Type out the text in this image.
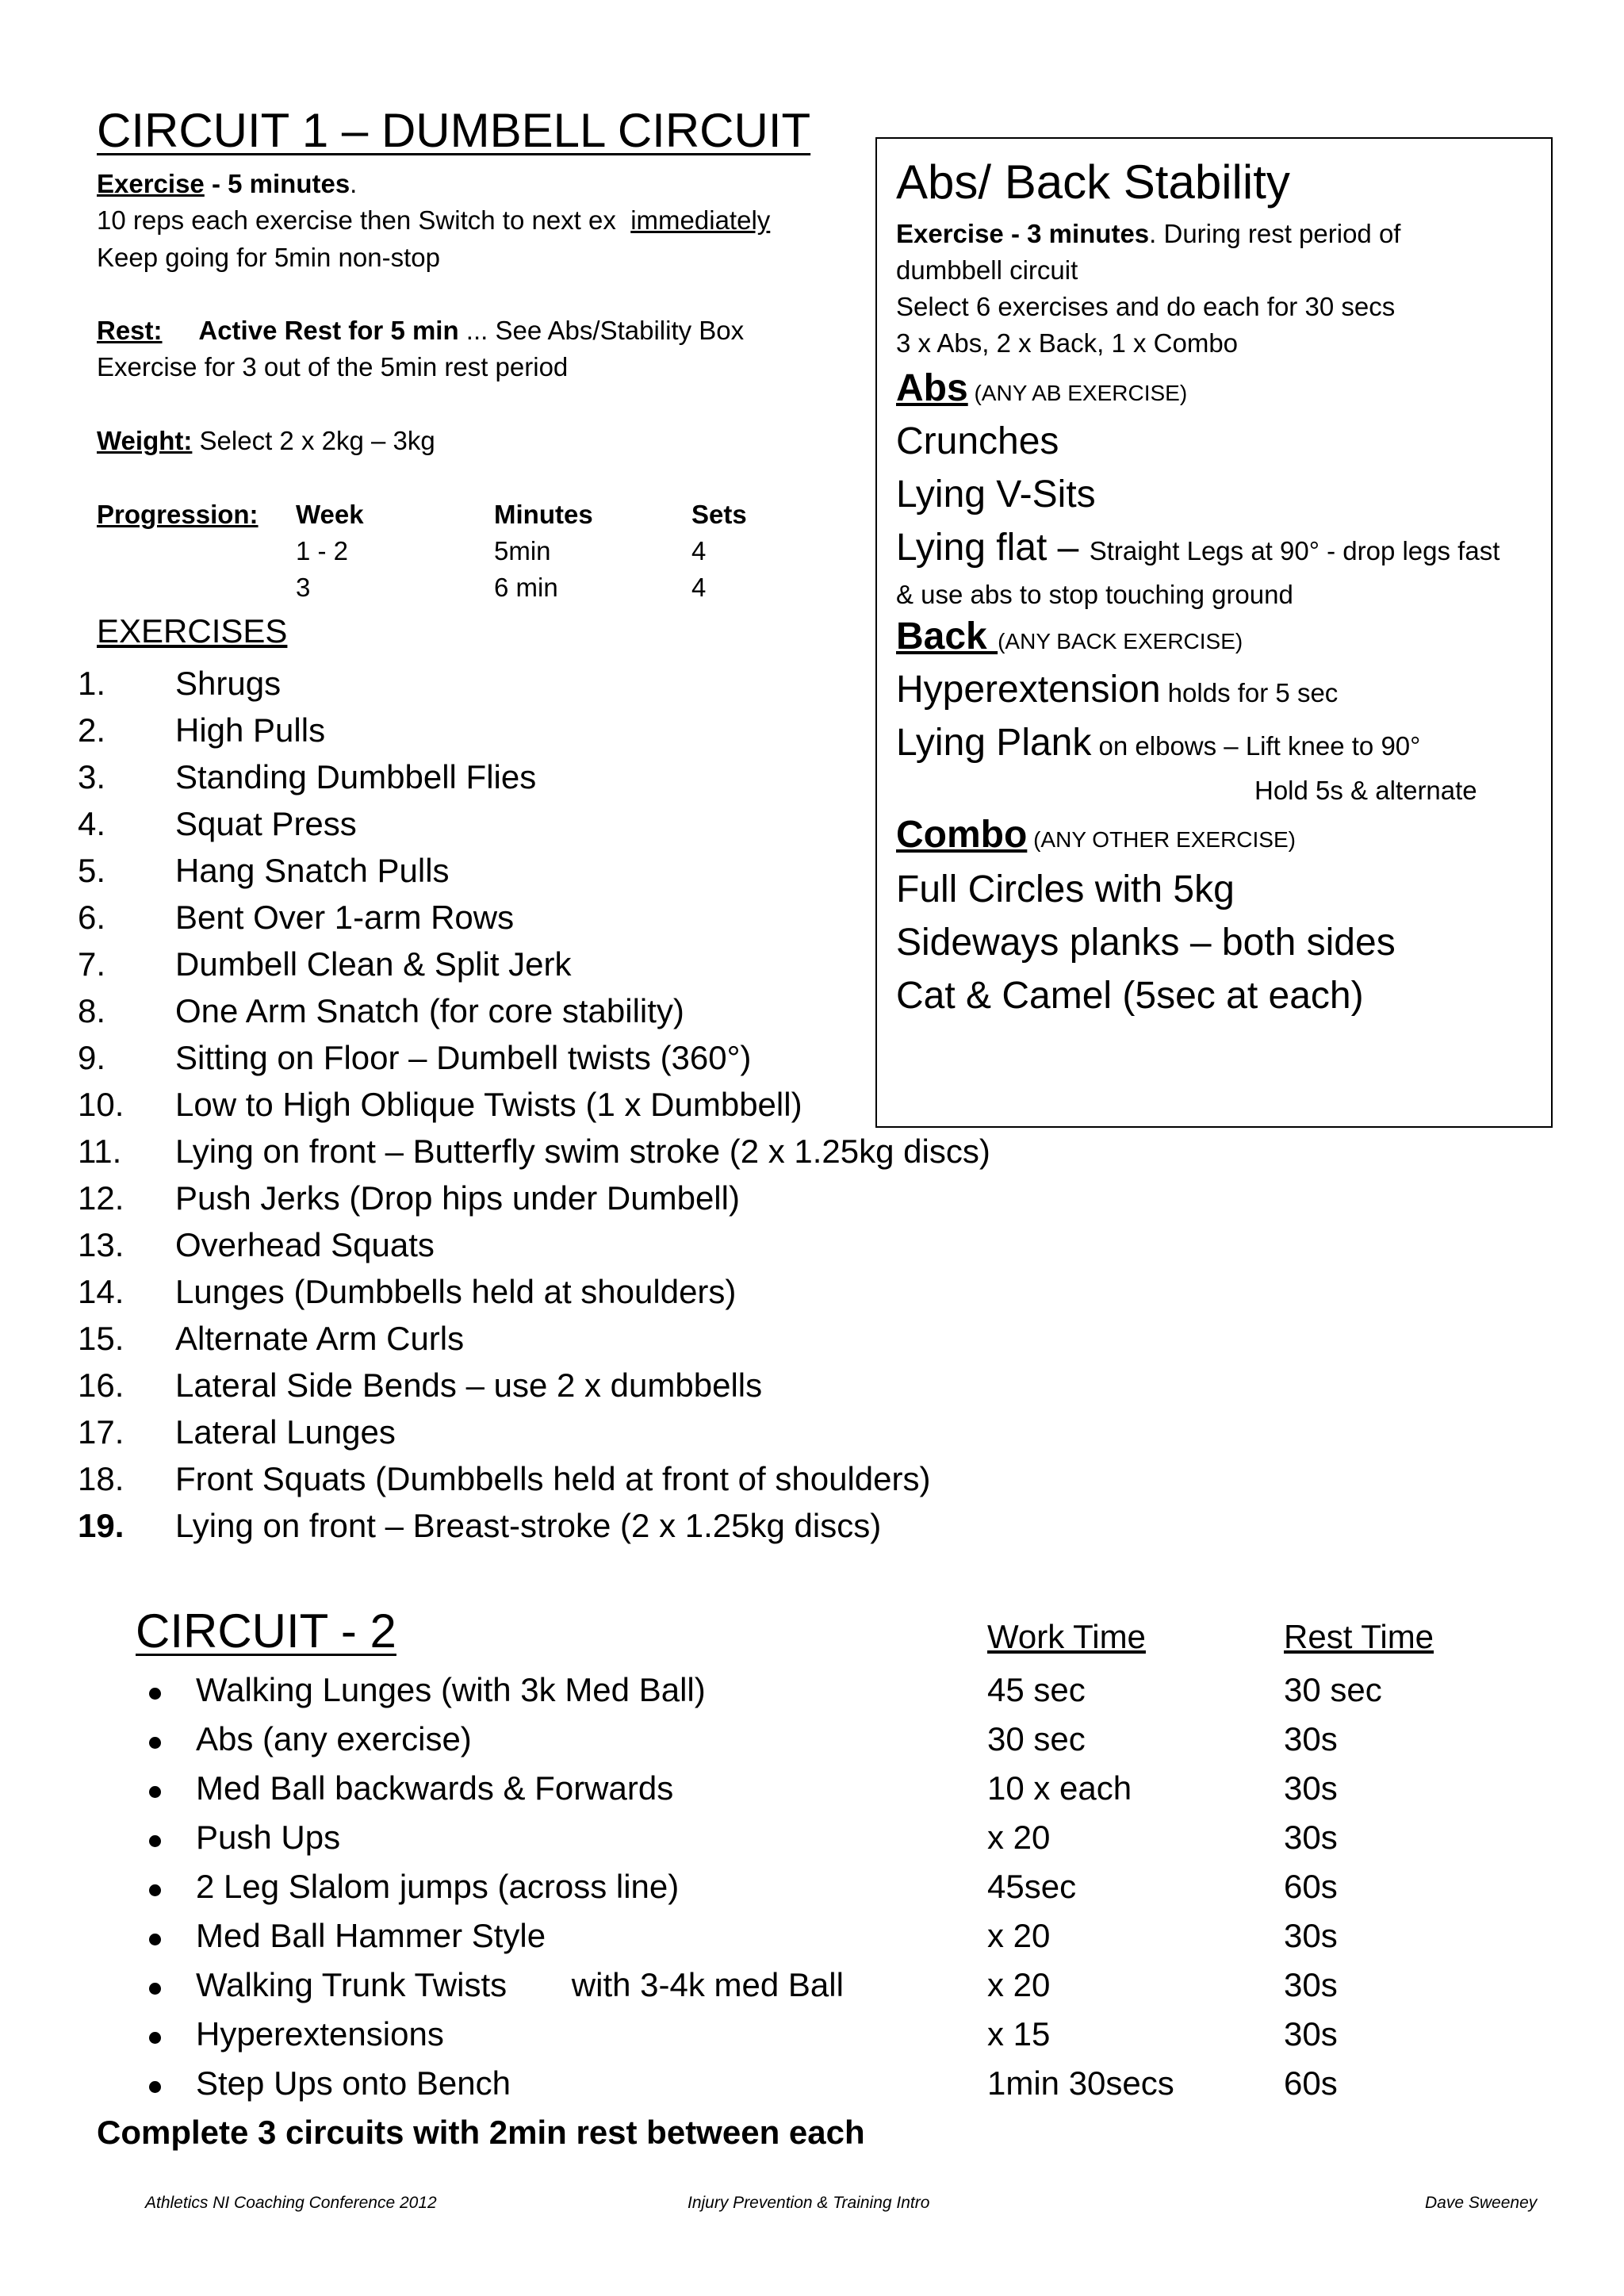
CIRCUIT 1 – DUMBELL CIRCUIT
Exercise - 5 minutes.
10 reps each exercise then Switch to next ex immediately
Keep going for 5min non-stop
Rest: Active Rest for 5 min ... See Abs/Stability Box
Exercise for 3 out of the 5min rest period
Weight: Select 2 x 2kg – 3kg
Progression: Week	Minutes	Sets
1 - 2	5min	4
3	6 min	4
EXERCISES
1. Shrugs
2. High Pulls
3. Standing Dumbbell Flies
4. Squat Press
5. Hang Snatch Pulls
6. Bent Over 1-arm Rows
7. Dumbell Clean & Split Jerk
8. One Arm Snatch (for core stability)
9. Sitting on Floor – Dumbell twists (360°)
10. Low to High Oblique Twists (1 x Dumbbell)
11. Lying on front – Butterfly swim stroke (2 x 1.25kg discs)
12. Push Jerks (Drop hips under Dumbell)
13. Overhead Squats
14. Lunges (Dumbbells held at shoulders)
15. Alternate Arm Curls
16. Lateral Side Bends – use 2 x dumbbells
17. Lateral Lunges
18. Front Squats (Dumbbells held at front of shoulders)
19. Lying on front – Breast-stroke (2 x 1.25kg discs)
Abs/ Back Stability
Exercise - 3 minutes. During rest period of
dumbbell circuit
Select 6 exercises and do each for 30 secs
3 x Abs, 2 x Back, 1 x Combo
Abs (ANY AB EXERCISE)
Crunches
Lying V-Sits
Lying flat – Straight Legs at 90° - drop legs fast
& use abs to stop touching ground
Back (ANY BACK EXERCISE)
Hyperextension holds for 5 sec
Lying Plank on elbows – Lift knee to 90°
Hold 5s & alternate
Combo (ANY OTHER EXERCISE)
Full Circles with 5kg
Sideways planks – both sides
Cat & Camel (5sec at each)
CIRCUIT - 2	Work Time	Rest Time
Walking Lunges (with 3k Med Ball)	45 sec	30 sec
Abs (any exercise)	30 sec	30s
Med Ball backwards & Forwards	10 x each	30s
Push Ups	x 20	30s
2 Leg Slalom jumps (across line)	45sec	60s
Med Ball Hammer Style	x 20	30s
Walking Trunk Twists       with 3-4k med Ball	x 20	30s
Hyperextensions	x 15	30s
Step Ups onto Bench	1min 30secs	60s
Complete 3 circuits with 2min rest between each
Athletics NI Coaching Conference 2012	Injury Prevention & Training Intro	Dave Sweeney
